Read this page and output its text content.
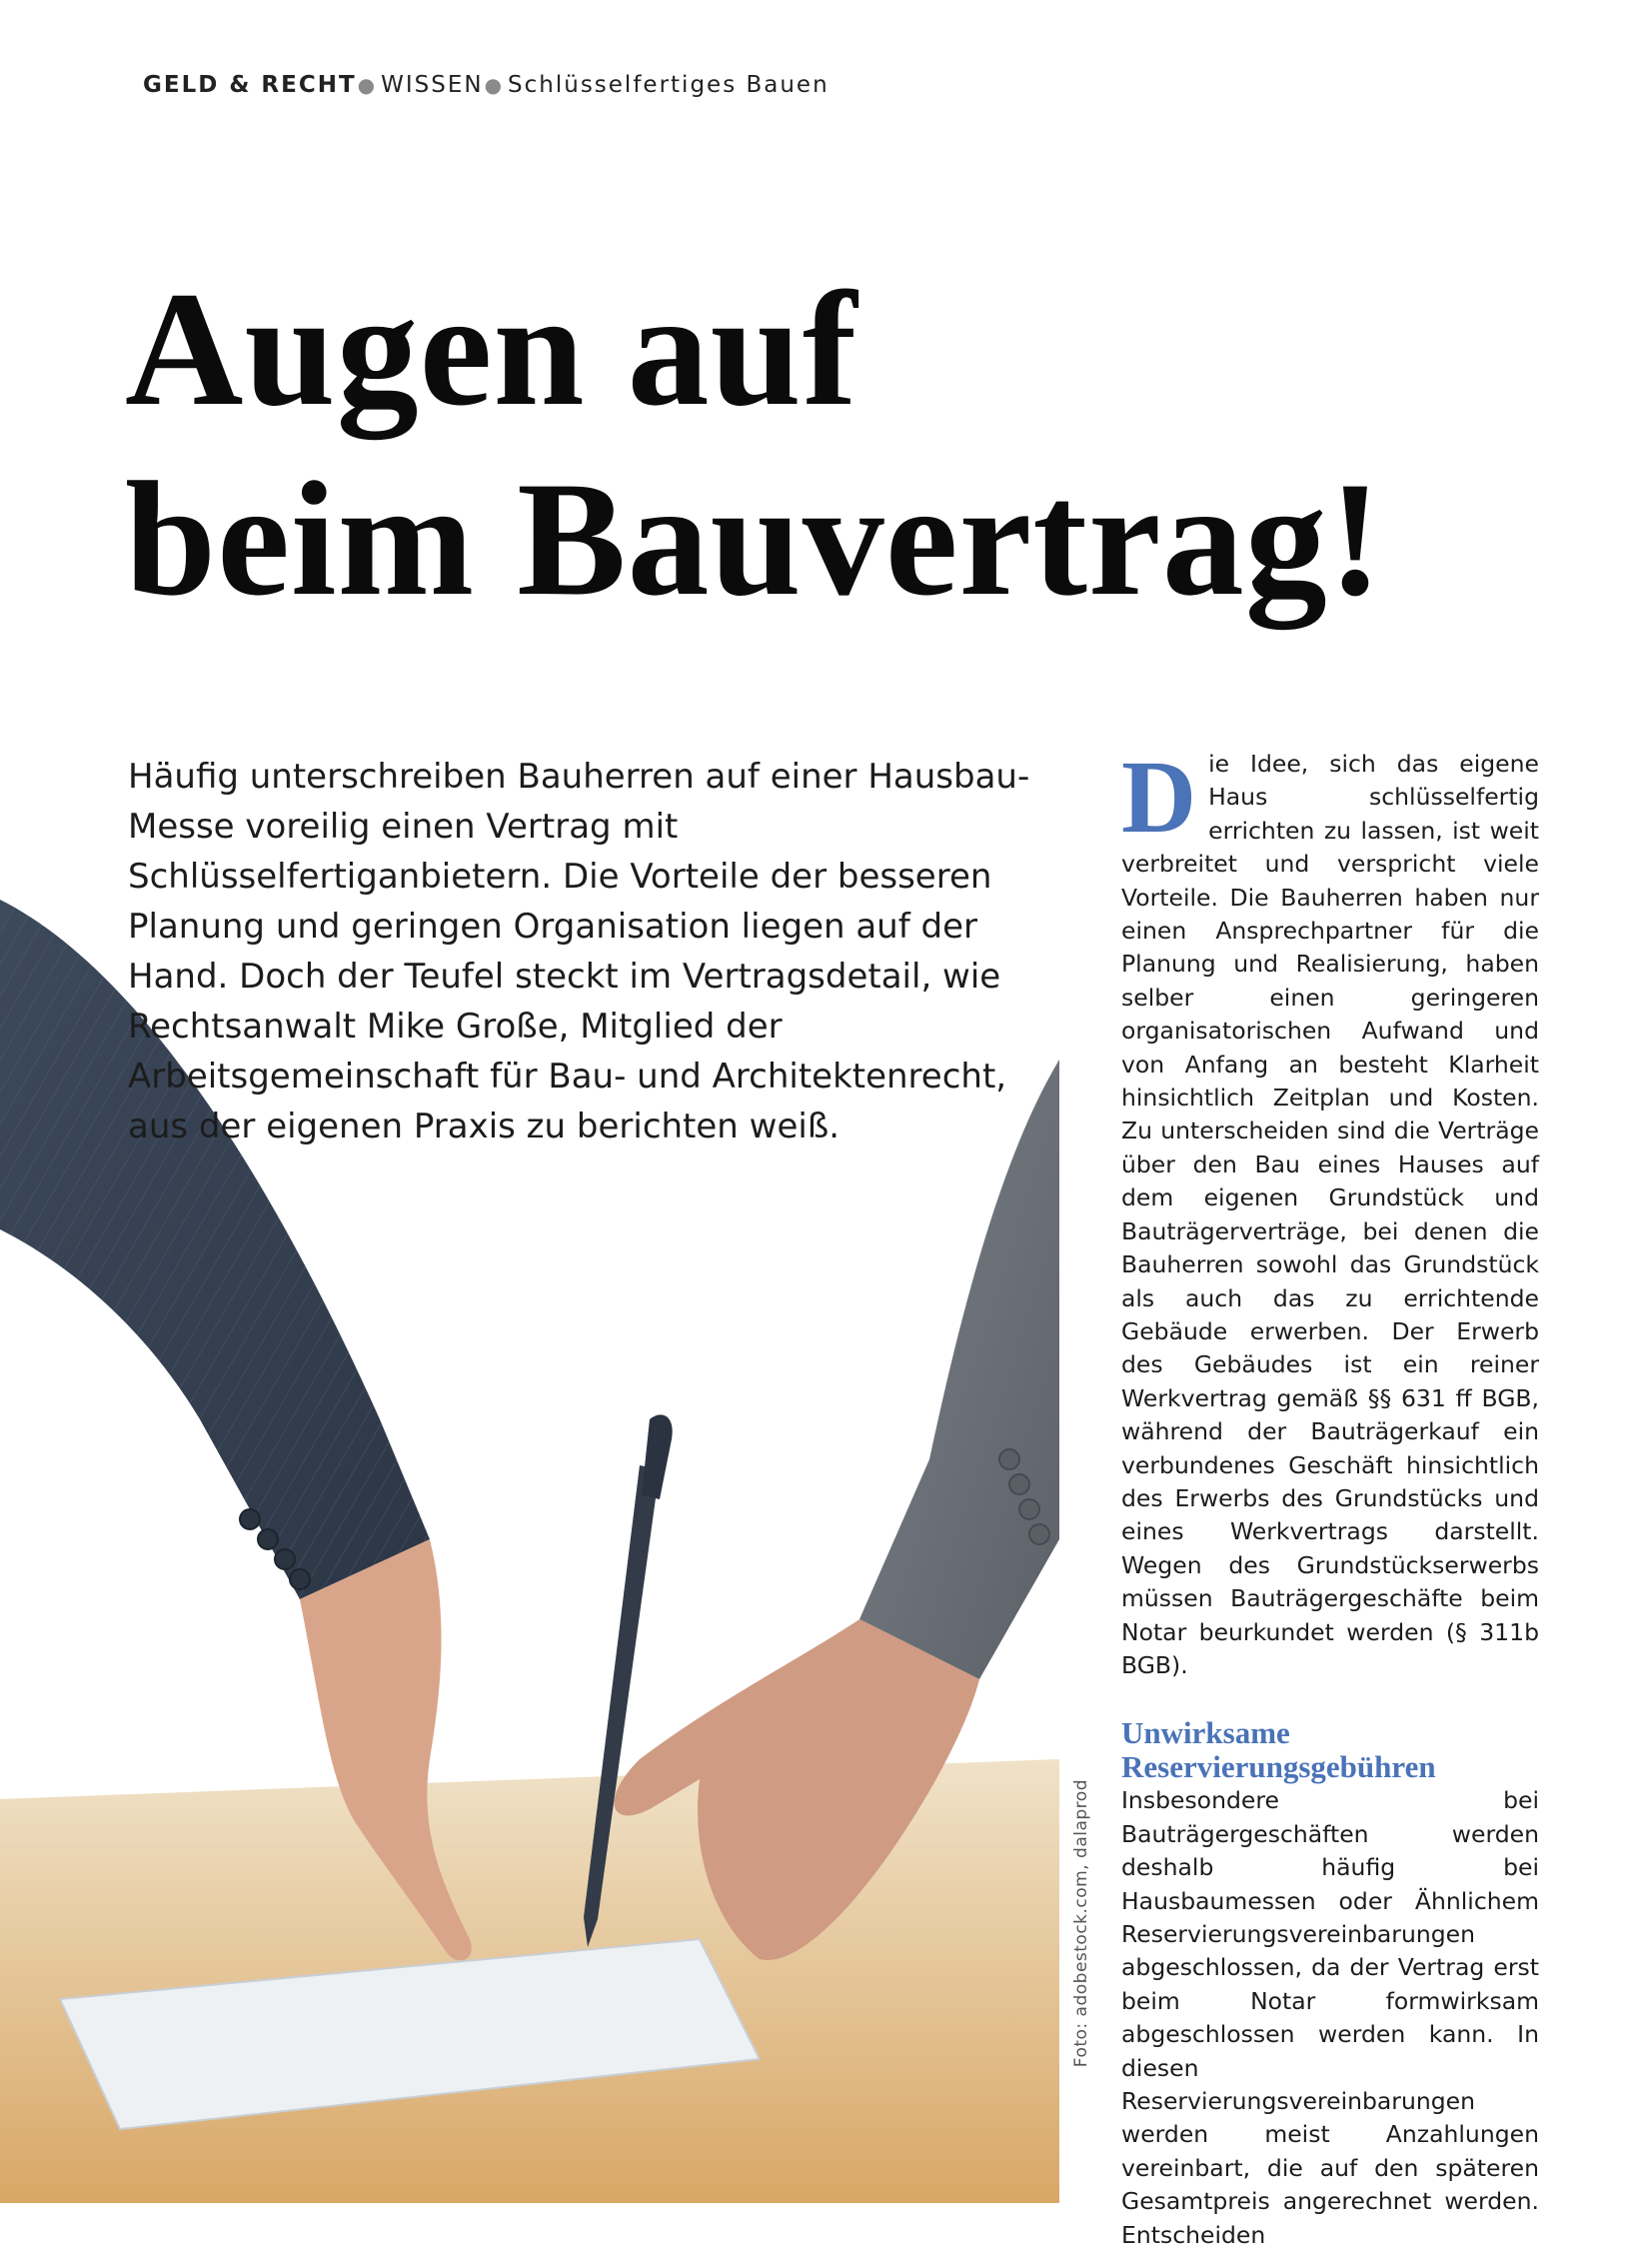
GELD & RECHT● WISSEN● Schlüsselfertiges Bauen
Augen auf
beim Bauvertrag!

Häufig unterschreiben Bauherren auf einer Hausbau-Messe voreilig einen Vertrag mit Schlüsselfertiganbietern. Die Vorteile der besseren Planung und geringen Organisation liegen auf der Hand. Doch der Teufel steckt im Vertragsdetail, wie Rechtsanwalt Mike Große, Mitglied der Arbeitsgemeinschaft für Bau- und Architektenrecht, aus der eigenen Praxis zu berichten weiß.

Foto: adobestock.com, dalaprod

Die Idee, sich das eigene Haus schlüsselfertig errichten zu lassen, ist weit verbreitet und verspricht viele Vorteile. Die Bauherren haben nur einen Ansprechpartner für die Planung und Realisierung, haben selber einen geringeren organisatorischen Aufwand und von Anfang an besteht Klarheit hinsichtlich Zeitplan und Kosten. Zu unterscheiden sind die Verträge über den Bau eines Hauses auf dem eigenen Grundstück und Bauträgerverträge, bei denen die Bauherren sowohl das Grundstück als auch das zu errichtende Gebäude erwerben. Der Erwerb des Gebäudes ist ein reiner Werkvertrag gemäß §§ 631 ff BGB, während der Bauträgerkauf ein verbundenes Geschäft hinsichtlich des Erwerbs des Grundstücks und eines Werkvertrags darstellt. Wegen des Grundstückserwerbs müssen Bauträgergeschäfte beim Notar beurkundet werden (§ 311b BGB).

Unwirksame Reservierungsgebühren

Insbesondere bei Bauträgergeschäften werden deshalb häufig bei Hausbaumessen oder Ähnlichem Reservierungsvereinbarungen abgeschlossen, da der Vertrag erst beim Notar formwirksam abgeschlossen werden kann. In diesen Reservierungsvereinbarungen werden meist Anzahlungen vereinbart, die auf den späteren Gesamtpreis angerechnet werden. Entscheiden
